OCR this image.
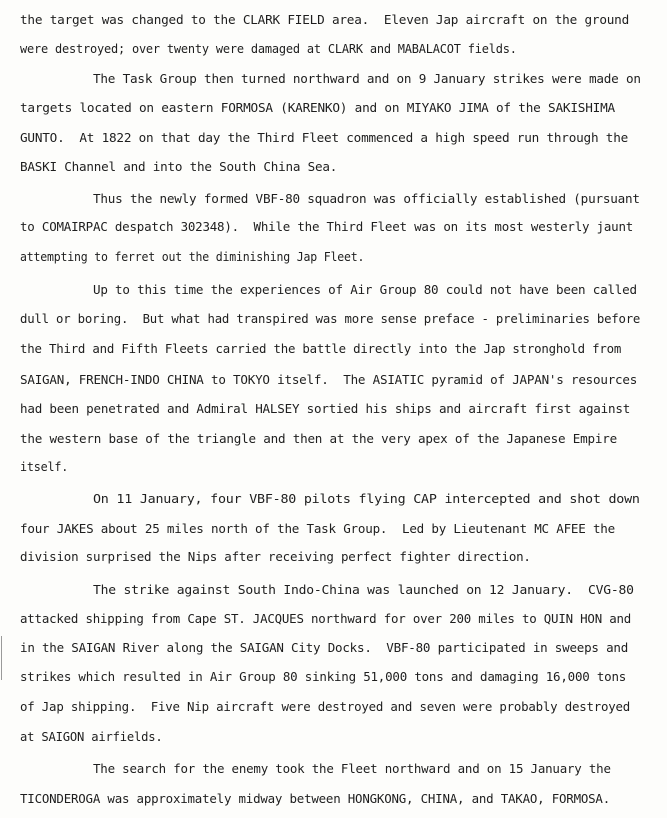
the target was changed to the CLARK FIELD area.  Eleven Jap aircraft on the ground
were destroyed; over twenty were damaged at CLARK and MABALACOT fields.
The Task Group then turned northward and on 9 January strikes were made on
targets located on eastern FORMOSA (KARENKO) and on MIYAKO JIMA of the SAKISHIMA
GUNTO.  At 1822 on that day the Third Fleet commenced a high speed run through the
BASKI Channel and into the South China Sea.
Thus the newly formed VBF-80 squadron was officially established (pursuant
to COMAIRPAC despatch 302348).  While the Third Fleet was on its most westerly jaunt
attempting to ferret out the diminishing Jap Fleet.
Up to this time the experiences of Air Group 80 could not have been called
dull or boring.  But what had transpired was more sense preface - preliminaries before
the Third and Fifth Fleets carried the battle directly into the Jap stronghold from
SAIGAN, FRENCH-INDO CHINA to TOKYO itself.  The ASIATIC pyramid of JAPAN's resources
had been penetrated and Admiral HALSEY sortied his ships and aircraft first against
the western base of the triangle and then at the very apex of the Japanese Empire
itself.
On 11 January, four VBF-80 pilots flying CAP intercepted and shot down
four JAKES about 25 miles north of the Task Group.  Led by Lieutenant MC AFEE the
division surprised the Nips after receiving perfect fighter direction.
The strike against South Indo-China was launched on 12 January.  CVG-80
attacked shipping from Cape ST. JACQUES northward for over 200 miles to QUIN HON and
in the SAIGAN River along the SAIGAN City Docks.  VBF-80 participated in sweeps and
strikes which resulted in Air Group 80 sinking 51,000 tons and damaging 16,000 tons
of Jap shipping.  Five Nip aircraft were destroyed and seven were probably destroyed
at SAIGON airfields.
The search for the enemy took the Fleet northward and on 15 January the
TICONDEROGA was approximately midway between HONGKONG, CHINA, and TAKAO, FORMOSA.
